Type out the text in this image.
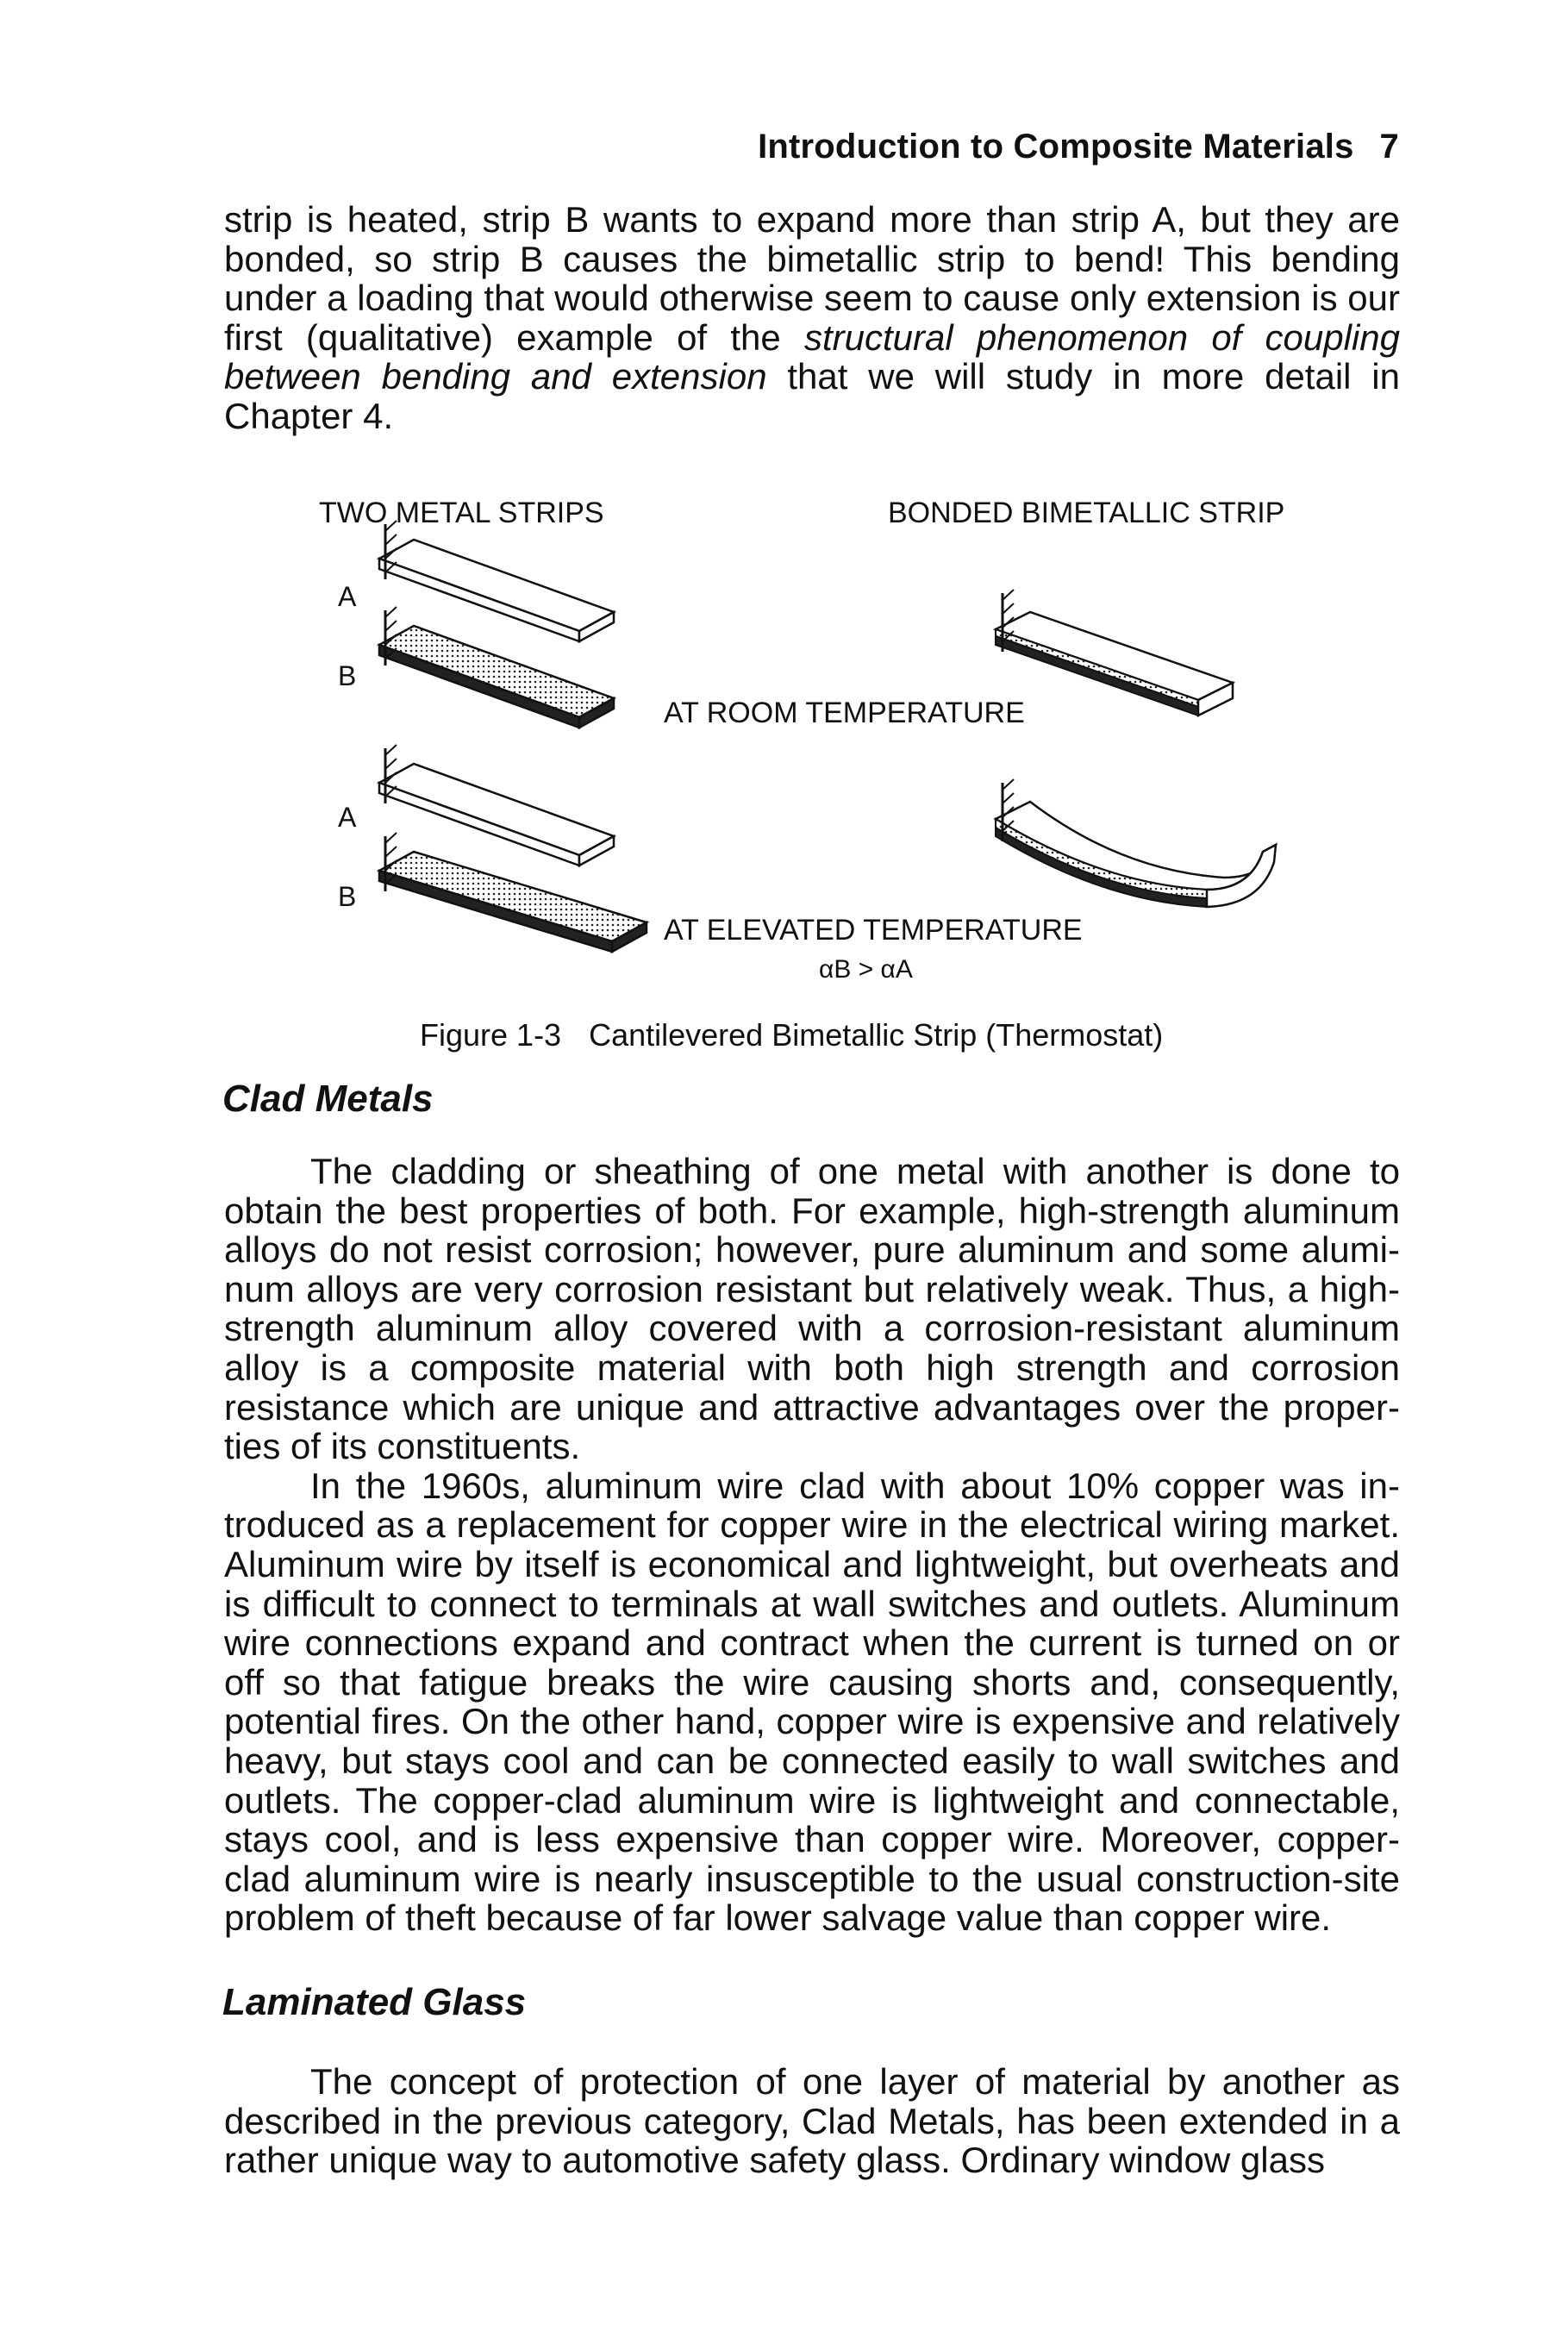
Introduction to Composite Materials 7

strip is heated, strip B wants to expand more than strip A, but they are bonded, so strip B causes the bimetallic strip to bend! This bending under a loading that would otherwise seem to cause only extension is our first (qualitative) example of the structural phenomenon of coupling between bending and extension that we will study in more detail in Chapter 4.

TWO METAL STRIPS	BONDED BIMETALLIC STRIP
A
B
A
B
AT ROOM TEMPERATURE
AT ELEVATED TEMPERATURE
αB > αA
Figure 1-3 Cantilevered Bimetallic Strip (Thermostat)
Clad Metals

The cladding or sheathing of one metal with another is done to obtain the best properties of both. For example, high-strength aluminum alloys do not resist corrosion; however, pure aluminum and some aluminum alloys are very corrosion resistant but relatively weak. Thus, a high-strength aluminum alloy covered with a corrosion-resistant aluminum alloy is a composite material with both high strength and corrosion resistance which are unique and attractive advantages over the properties of its constituents.

In the 1960s, aluminum wire clad with about 10% copper was introduced as a replacement for copper wire in the electrical wiring market. Aluminum wire by itself is economical and lightweight, but overheats and is difficult to connect to terminals at wall switches and outlets. Aluminum wire connections expand and contract when the current is turned on or off so that fatigue breaks the wire causing shorts and, consequently, potential fires. On the other hand, copper wire is expensive and relatively heavy, but stays cool and can be connected easily to wall switches and outlets. The copper-clad aluminum wire is lightweight and connectable, stays cool, and is less expensive than copper wire. Moreover, copper-clad aluminum wire is nearly insusceptible to the usual construction-site problem of theft because of far lower salvage value than copper wire.

Laminated Glass

The concept of protection of one layer of material by another as described in the previous category, Clad Metals, has been extended in a rather unique way to automotive safety glass. Ordinary window glass
